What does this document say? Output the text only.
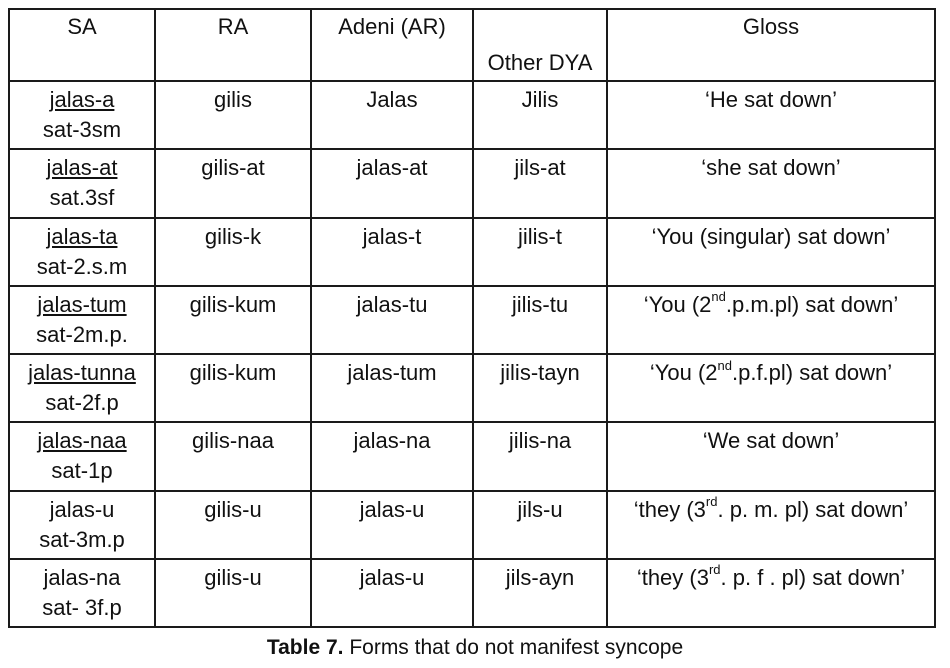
SA	RA	Adeni (AR)	Other DYA	Gloss
jalas-a
sat-3sm	gilis	Jalas	Jilis	‘He sat down’
jalas-at
sat.3sf	gilis-at	jalas-at	jils-at	‘she sat down’
jalas-ta
sat-2.s.m	gilis-k	jalas-t	jilis-t	‘You (singular) sat down’
jalas-tum
sat-2m.p.	gilis-kum	jalas-tu	jilis-tu	‘You (2nd.p.m.pl) sat down’
jalas-tunna
sat-2f.p	gilis-kum	jalas-tum	jilis-tayn	‘You (2nd.p.f.pl) sat down’
jalas-naa
sat-1p	gilis-naa	jalas-na	jilis-na	‘We sat down’
jalas-u
sat-3m.p	gilis-u	jalas-u	jils-u	‘they (3rd. p. m. pl) sat down’
jalas-na
sat- 3f.p	gilis-u	jalas-u	jils-ayn	‘they (3rd. p. f . pl) sat down’
Table 7. Forms that do not manifest syncope
